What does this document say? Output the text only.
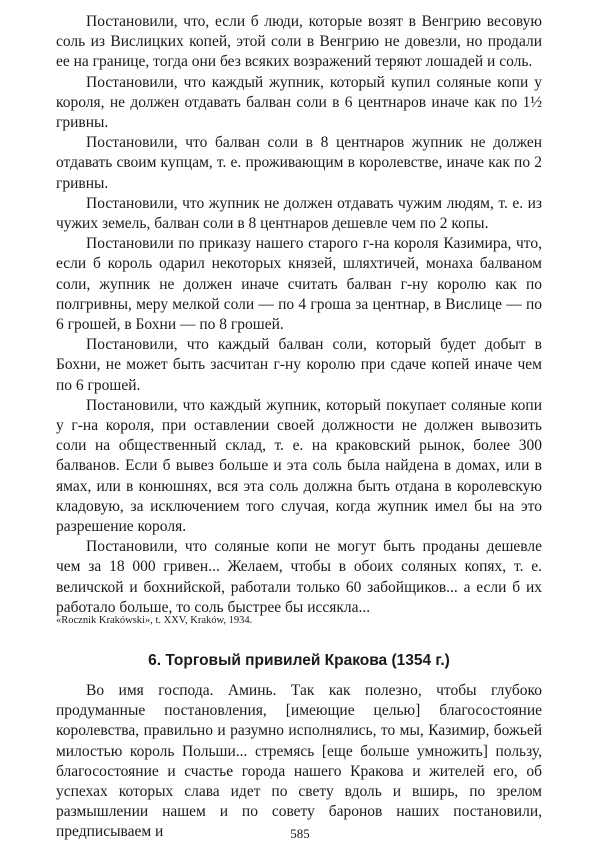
Постановили, что, если б люди, которые возят в Венгрию весовую соль из Вислицких копей, этой соли в Венгрию не довезли, но продали ее на границе, тогда они без всяких возражений теряют лошадей и соль.

Постановили, что каждый жупник, который купил соляные копи у короля, не должен отдавать балван соли в 6 центнаров иначе как по 1½ гривны.

Постановили, что балван соли в 8 центнаров жупник не должен отдавать своим купцам, т. е. проживающим в королевстве, иначе как по 2 гривны.

Постановили, что жупник не должен отдавать чужим людям, т. е. из чужих земель, балван соли в 8 центнаров дешевле чем по 2 копы.

Постановили по приказу нашего старого г-на короля Казимира, что, если б король одарил некоторых князей, шляхтичей, монаха балваном соли, жупник не должен иначе считать балван г-ну королю как по полгривны, меру мелкой соли — по 4 гроша за центнар, в Вислице — по 6 грошей, в Бохни — по 8 грошей.

Постановили, что каждый балван соли, который будет добыт в Бохни, не может быть засчитан г-ну королю при сдаче копей иначе чем по 6 грошей.

Постановили, что каждый жупник, который покупает соляные копи у г-на короля, при оставлении своей должности не должен вывозить соли на общественный склад, т. е. на краковский рынок, более 300 балванов. Если б вывез больше и эта соль была найдена в домах, или в ямах, или в конюшнях, вся эта соль должна быть отдана в королевскую кладовую, за исключением того случая, когда жупник имел бы на это разрешение короля.

Постановили, что соляные копи не могут быть проданы дешевле чем за 18 000 гривен... Желаем, чтобы в обоих соляных копях, т. е. величской и бохнийской, работали только 60 забойщиков... а если б их работало больше, то соль быстрее бы иссякла...

«Rocznik Krakówski», t. XXV, Kraków, 1934.
6. Торговый привилей Кракова (1354 г.)

Во имя господа. Аминь. Так как полезно, чтобы глубоко продуманные постановления, [имеющие целью] благосостояние королевства, правильно и разумно исполнялись, то мы, Казимир, божьей милостью король Польши... стремясь [еще больше умножить] пользу, благосостояние и счастье города нашего Кракова и жителей его, об успехах которых слава идет по свету вдоль и вширь, по зрелом размышлении нашем и по совету баронов наших постановили, предписываем и	585
